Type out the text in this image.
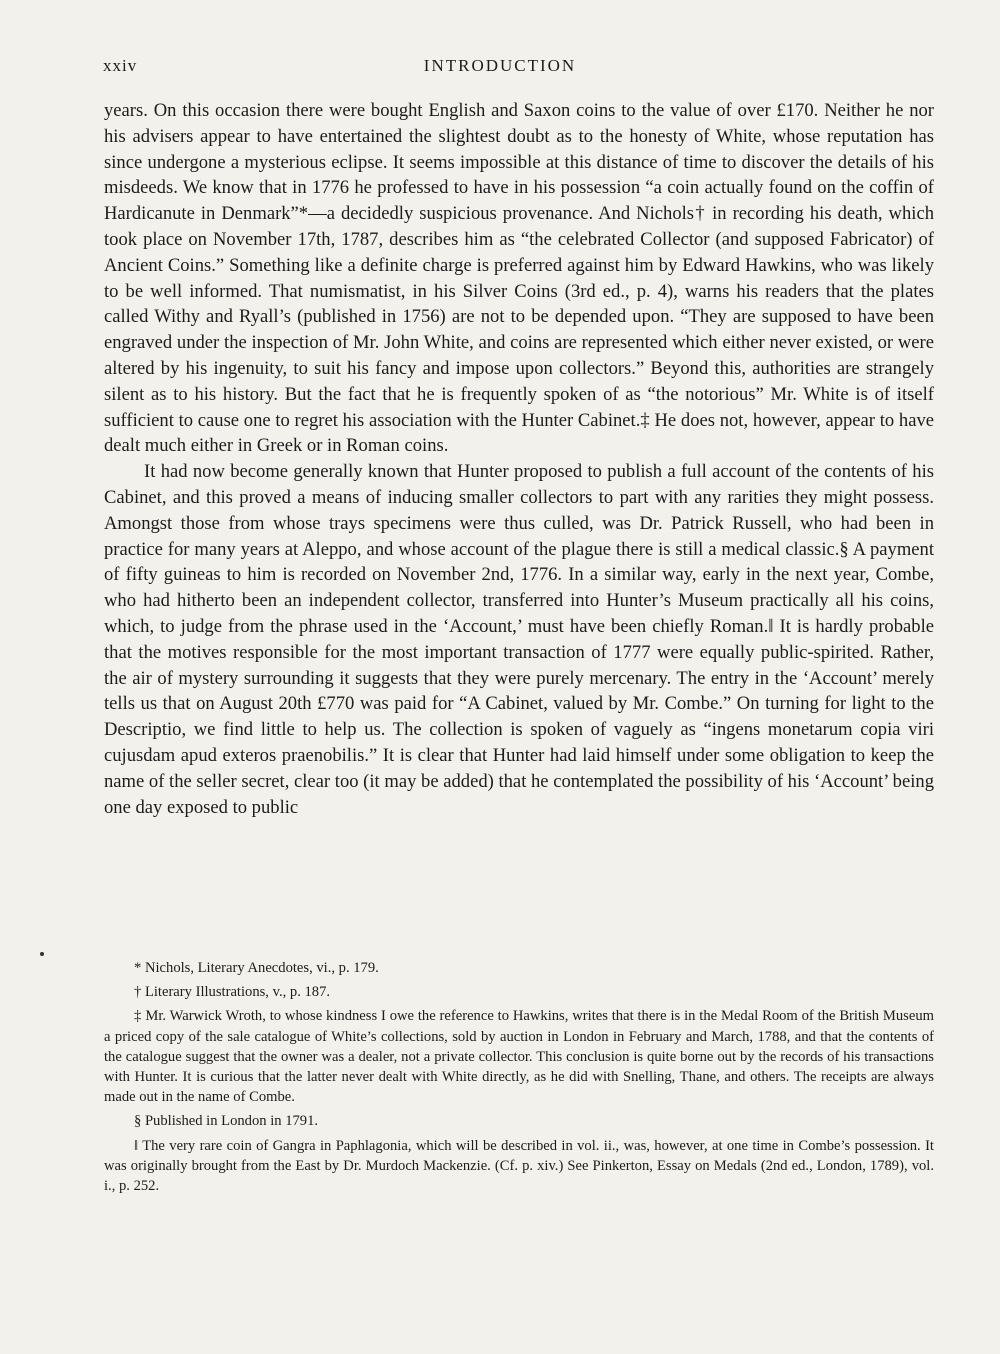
xxiv	INTRODUCTION

years. On this occasion there were bought English and Saxon coins to the value of over £170. Neither he nor his advisers appear to have entertained the slightest doubt as to the honesty of White, whose reputation has since undergone a mysterious eclipse. It seems impossible at this distance of time to discover the details of his misdeeds. We know that in 1776 he professed to have in his possession “a coin actually found on the coffin of Hardicanute in Denmark”*—a decidedly suspicious provenance. And Nichols† in recording his death, which took place on November 17th, 1787, describes him as “the celebrated Collector (and supposed Fabricator) of Ancient Coins.” Something like a definite charge is preferred against him by Edward Hawkins, who was likely to be well informed. That numismatist, in his Silver Coins (3rd ed., p. 4), warns his readers that the plates called Withy and Ryall’s (published in 1756) are not to be depended upon. “They are supposed to have been engraved under the inspection of Mr. John White, and coins are represented which either never existed, or were altered by his ingenuity, to suit his fancy and impose upon collectors.” Beyond this, authorities are strangely silent as to his history. But the fact that he is frequently spoken of as “the notorious” Mr. White is of itself sufficient to cause one to regret his association with the Hunter Cabinet.‡ He does not, however, appear to have dealt much either in Greek or in Roman coins.

It had now become generally known that Hunter proposed to publish a full account of the contents of his Cabinet, and this proved a means of inducing smaller collectors to part with any rarities they might possess. Amongst those from whose trays specimens were thus culled, was Dr. Patrick Russell, who had been in practice for many years at Aleppo, and whose account of the plague there is still a medical classic.§ A payment of fifty guineas to him is recorded on November 2nd, 1776. In a similar way, early in the next year, Combe, who had hitherto been an independent collector, transferred into Hunter’s Museum practically all his coins, which, to judge from the phrase used in the ‘Account,’ must have been chiefly Roman.‖ It is hardly probable that the motives responsible for the most important transaction of 1777 were equally public-spirited. Rather, the air of mystery surrounding it suggests that they were purely mercenary. The entry in the ‘Account’ merely tells us that on August 20th £770 was paid for “A Cabinet, valued by Mr. Combe.” On turning for light to the Descriptio, we find little to help us. The collection is spoken of vaguely as “ingens monetarum copia viri cujusdam apud exteros praenobilis.” It is clear that Hunter had laid himself under some obligation to keep the name of the seller secret, clear too (it may be added) that he contemplated the possibility of his ‘Account’ being one day exposed to public

* Nichols, Literary Anecdotes, vi., p. 179.

† Literary Illustrations, v., p. 187.

‡ Mr. Warwick Wroth, to whose kindness I owe the reference to Hawkins, writes that there is in the Medal Room of the British Museum a priced copy of the sale catalogue of White’s collections, sold by auction in London in February and March, 1788, and that the contents of the catalogue suggest that the owner was a dealer, not a private collector. This conclusion is quite borne out by the records of his transactions with Hunter. It is curious that the latter never dealt with White directly, as he did with Snelling, Thane, and others. The receipts are always made out in the name of Combe.

§ Published in London in 1791.

‖ The very rare coin of Gangra in Paphlagonia, which will be described in vol. ii., was, however, at one time in Combe’s possession. It was originally brought from the East by Dr. Murdoch Mackenzie. (Cf. p. xiv.) See Pinkerton, Essay on Medals (2nd ed., London, 1789), vol. i., p. 252.
